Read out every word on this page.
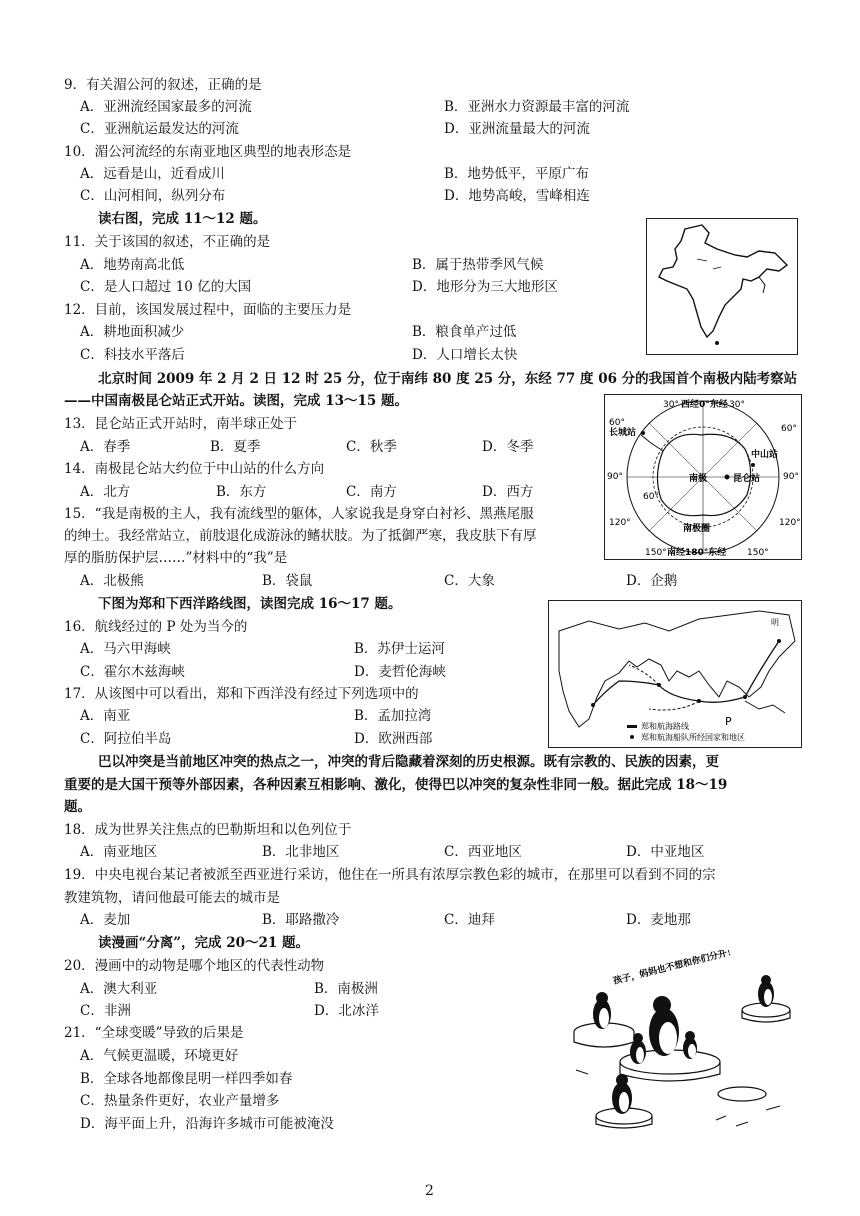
9．有关湄公河的叙述，正确的是
A．亚洲流经国家最多的河流	B．亚洲水力资源最丰富的河流
C．亚洲航运最发达的河流	D．亚洲流量最大的河流
10．湄公河流经的东南亚地区典型的地表形态是
A．远看是山，近看成川	B．地势低平，平原广布
C．山河相间，纵列分布	D．地势高峻，雪峰相连
读右图，完成 11～12 题。
11．关于该国的叙述，不正确的是
A．地势南高北低	B．属于热带季风气候
C．是人口超过 10 亿的大国	D．地形分为三大地形区
12．目前，该国发展过程中，面临的主要压力是
A．耕地面积减少	B．粮食单产过低
C．科技水平落后	D．人口增长太快
北京时间 2009 年 2 月 2 日 12 时 25 分，位于南纬 80 度 25 分，东经 77 度 06 分的我国首个南极内陆考察站
——中国南极昆仑站正式开站。读图，完成 13～15 题。
13．昆仑站正式开站时，南半球正处于
A．春季	B．夏季	C．秋季	D．冬季
14．南极昆仑站大约位于中山站的什么方向
A．北方	B．东方	C．南方	D．西方
15．“我是南极的主人，我有流线型的躯体，人家说我是身穿白衬衫、黑燕尾服
的绅士。我经常站立，前肢退化成游泳的鳍状肢。为了抵御严寒，我皮肤下有厚
厚的脂肪保护层……”材料中的“我”是
A．北极熊	B．袋鼠	C．大象	D．企鹅
30° 西经0°东经 30°
60°
长城站	60°
中山站
90°	南极	昆仑站	90°
60°
120°
南极圈
120°
150° 南经180°东经 150°
下图为郑和下西洋路线图，读图完成 16～17 题。
16．航线经过的 P 处为当今的
A．马六甲海峡	B．苏伊士运河
C．霍尔木兹海峡	D．麦哲伦海峡
17．从该图中可以看出，郑和下西洋没有经过下列选项中的
A．南亚	B．孟加拉湾
C．阿拉伯半岛	D．欧洲西部
明
P
郑和航海路线
郑和航海船队所经国家和地区
巴以冲突是当前地区冲突的热点之一，冲突的背后隐藏着深刻的历史根源。既有宗教的、民族的因素，更
重要的是大国干预等外部因素，各种因素互相影响、激化，使得巴以冲突的复杂性非同一般。据此完成 18～19
题。
18．成为世界关注焦点的巴勒斯坦和以色列位于
A．南亚地区	B．北非地区	C．西亚地区	D．中亚地区
19．中央电视台某记者被派至西亚进行采访，他住在一所具有浓厚宗教色彩的城市，在那里可以看到不同的宗
教建筑物，请问他最可能去的城市是
A．麦加	B．耶路撒冷	C．迪拜	D．麦地那
读漫画“分离”，完成 20～21 题。
20．漫画中的动物是哪个地区的代表性动物
A．澳大利亚	B．南极洲
C．非洲	D．北冰洋
21．“全球变暖”导致的后果是
A．气候更温暖，环境更好
B．全球各地都像昆明一样四季如春
C．热量条件更好，农业产量增多
D．海平面上升，沿海许多城市可能被淹没
孩子，妈妈也不想和你们分开！
2
